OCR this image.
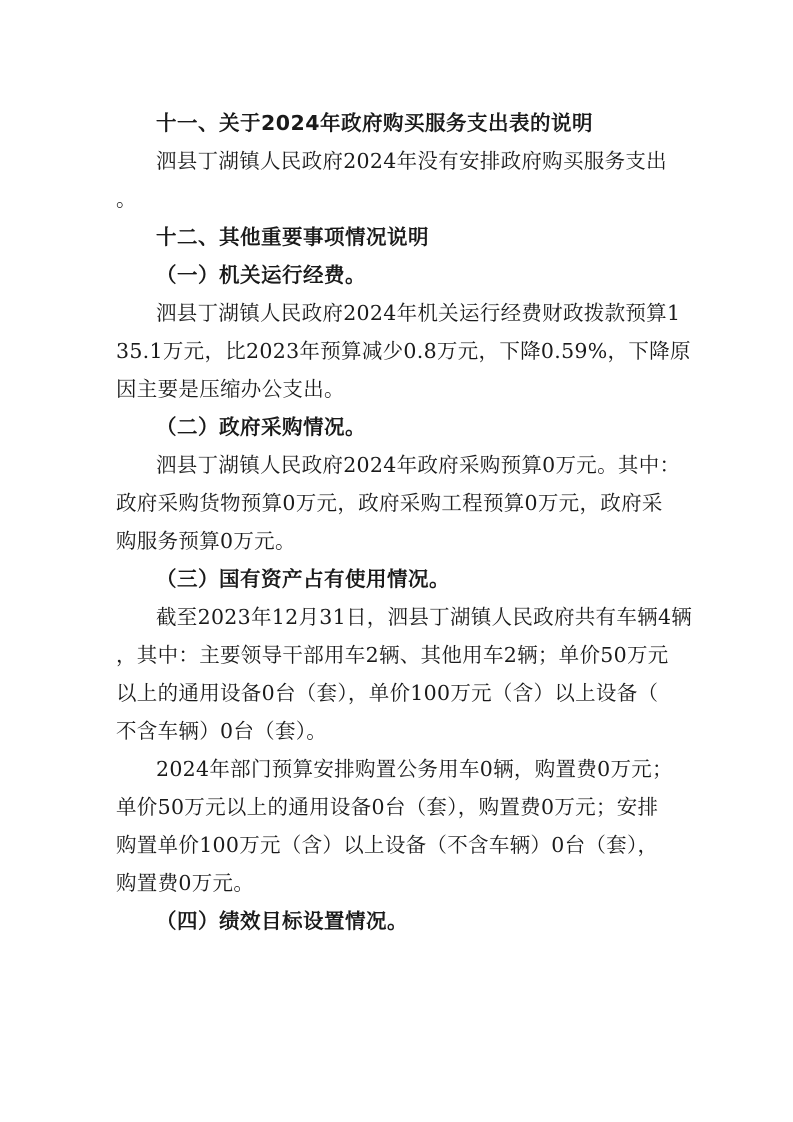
十一、关于2024年政府购买服务支出表的说明
泗县丁湖镇人民政府2024年没有安排政府购买服务支出
。
十二、其他重要事项情况说明
（一）机关运行经费。
泗县丁湖镇人民政府2024年机关运行经费财政拨款预算1
35.1万元，比2023年预算减少0.8万元，下降0.59%，下降原
因主要是压缩办公支出。
（二）政府采购情况。
泗县丁湖镇人民政府2024年政府采购预算0万元。其中：
政府采购货物预算0万元，政府采购工程预算0万元，政府采
购服务预算0万元。
（三）国有资产占有使用情况。
截至2023年12月31日，泗县丁湖镇人民政府共有车辆4辆
，其中：主要领导干部用车2辆、其他用车2辆；单价50万元
以上的通用设备0台（套），单价100万元（含）以上设备（
不含车辆）0台（套）。
2024年部门预算安排购置公务用车0辆，购置费0万元；
单价50万元以上的通用设备0台（套），购置费0万元；安排
购置单价100万元（含）以上设备（不含车辆）0台（套），
购置费0万元。
（四）绩效目标设置情况。
